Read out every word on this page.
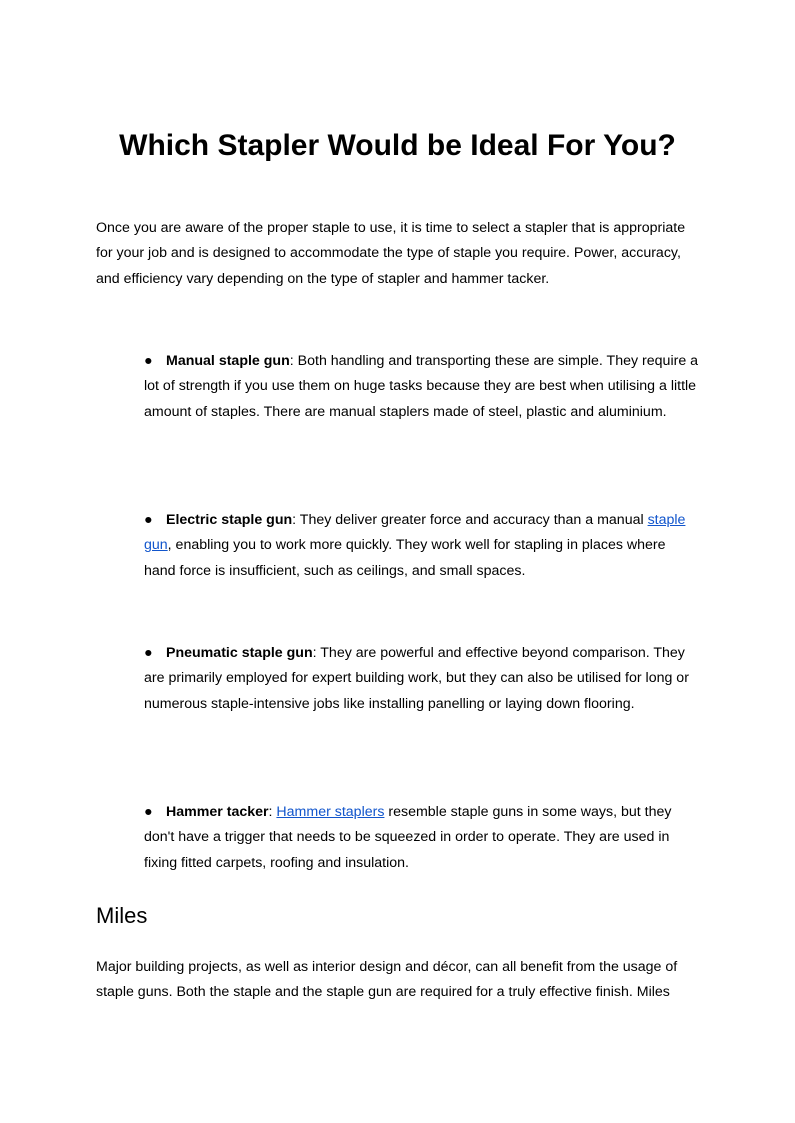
Which Stapler Would be Ideal For You?

Once you are aware of the proper staple to use, it is time to select a stapler that is appropriate for your job and is designed to accommodate the type of staple you require. Power, accuracy, and efficiency vary depending on the type of stapler and hammer tacker.

● Manual staple gun: Both handling and transporting these are simple. They require a lot of strength if you use them on huge tasks because they are best when utilising a little amount of staples. There are manual staplers made of steel, plastic and aluminium.

● Electric staple gun: They deliver greater force and accuracy than a manual staple gun, enabling you to work more quickly. They work well for stapling in places where hand force is insufficient, such as ceilings, and small spaces.

● Pneumatic staple gun: They are powerful and effective beyond comparison. They are primarily employed for expert building work, but they can also be utilised for long or numerous staple-intensive jobs like installing panelling or laying down flooring.

● Hammer tacker: Hammer staplers resemble staple guns in some ways, but they don't have a trigger that needs to be squeezed in order to operate. They are used in fixing fitted carpets, roofing and insulation.

Miles

Major building projects, as well as interior design and décor, can all benefit from the usage of staple guns. Both the staple and the staple gun are required for a truly effective finish. Miles
